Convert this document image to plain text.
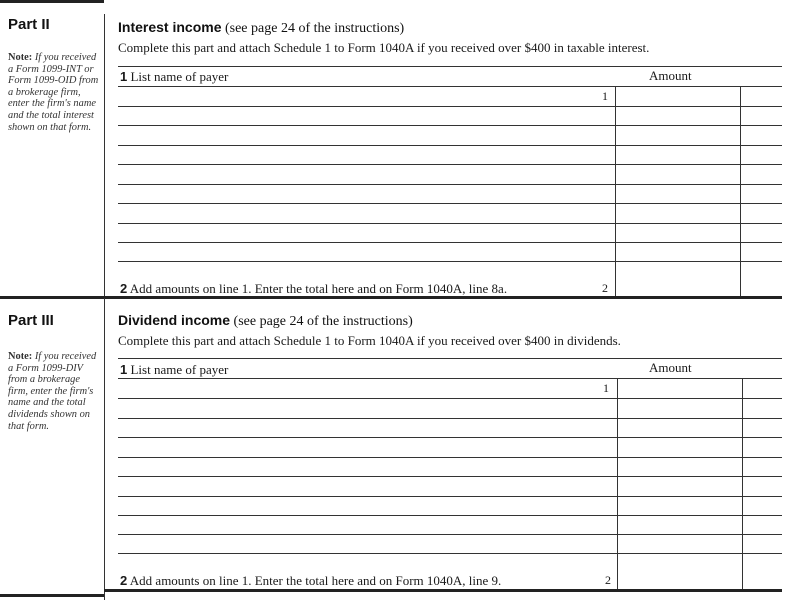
Part II

Note: If you received a Form 1099-INT or Form 1099-OID from a brokerage firm, enter the firm's name and the total interest shown on that form.

Interest income (see page 24 of the instructions)

Complete this part and attach Schedule 1 to Form 1040A if you received over $400 in taxable interest.

1 List name of payer	Amount

1

2 Add amounts on line 1. Enter the total here and on Form 1040A, line 8a.	2

Part III

Note: If you received a Form 1099-DIV from a brokerage firm, enter the firm's name and the total dividends shown on that form.

Dividend income (see page 24 of the instructions)

Complete this part and attach Schedule 1 to Form 1040A if you received over $400 in dividends.

1 List name of payer	Amount

1

2 Add amounts on line 1. Enter the total here and on Form 1040A, line 9.	2
